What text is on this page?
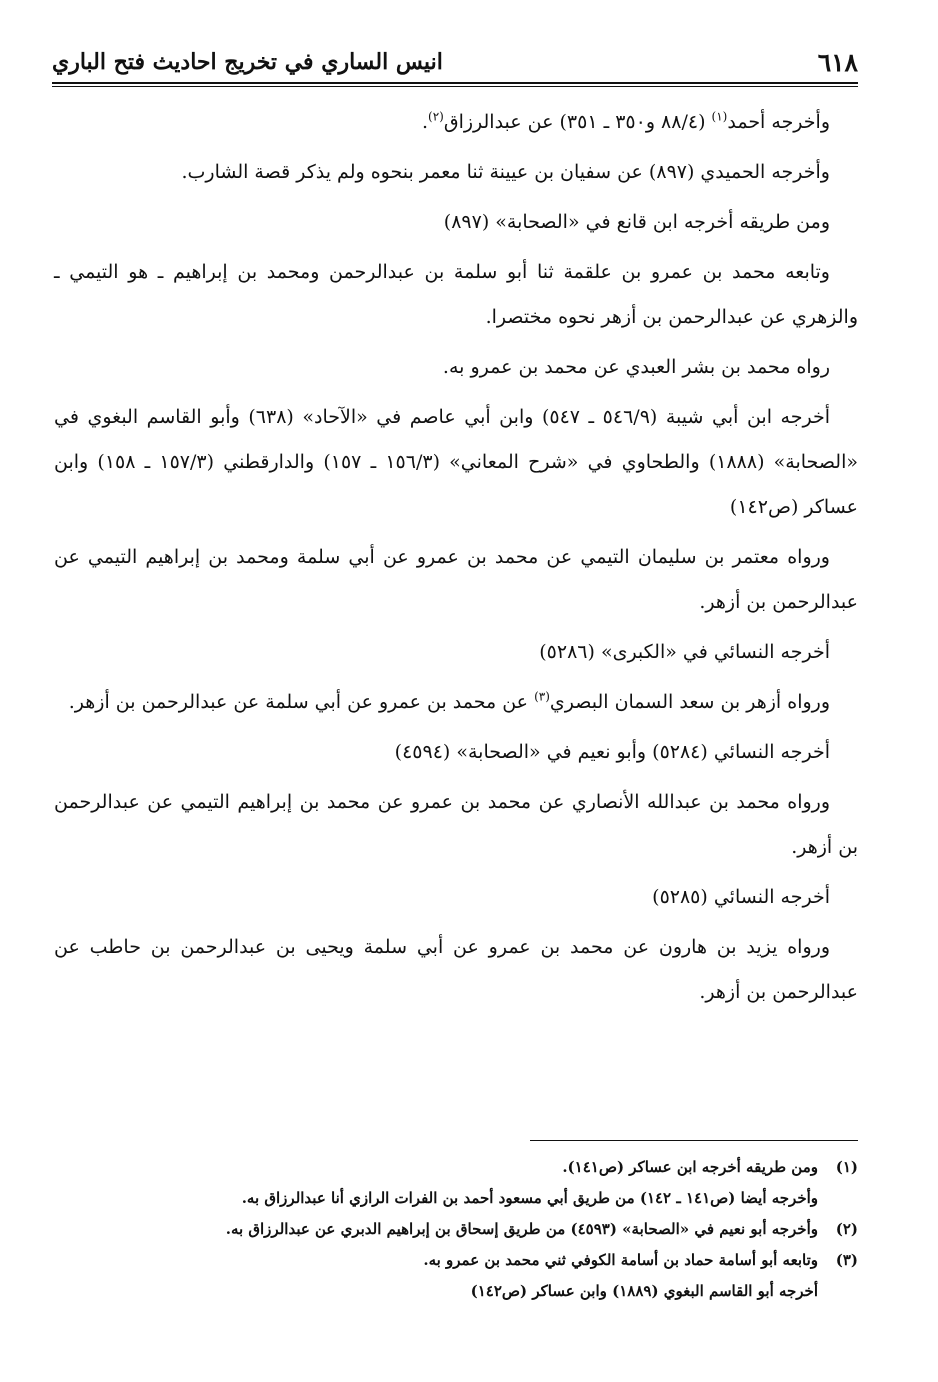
٦١٨
انيس الساري في تخريج احاديث فتح الباري

وأخرجه أحمد$^{(١)}$ (٨٨/٤ و٣٥٠ ـ ٣٥١) عن عبدالرزاق$^{(٢)}$.

وأخرجه الحميدي (٨٩٧) عن سفيان بن عيينة ثنا معمر بنحوه ولم يذكر قصة الشارب.

ومن طريقه أخرجه ابن قانع في «الصحابة» (٨٩٧)

وتابعه محمد بن عمرو بن علقمة ثنا أبو سلمة بن عبدالرحمن ومحمد بن إبراهيم ـ هو التيمي ـ والزهري عن عبدالرحمن بن أزهر نحوه مختصرا.

رواه محمد بن بشر العبدي عن محمد بن عمرو به.

أخرجه ابن أبي شيبة (٥٤٦/٩ ـ ٥٤٧) وابن أبي عاصم في «الآحاد» (٦٣٨) وأبو القاسم البغوي في «الصحابة» (١٨٨٨) والطحاوي في «شرح المعاني» (١٥٦/٣ ـ ١٥٧) والدارقطني (١٥٧/٣ ـ ١٥٨) وابن عساكر (ص١٤٢)

ورواه معتمر بن سليمان التيمي عن محمد بن عمرو عن أبي سلمة ومحمد بن إبراهيم التيمي عن عبدالرحمن بن أزهر.

أخرجه النسائي في «الكبرى» (٥٢٨٦)

ورواه أزهر بن سعد السمان البصري$^{(٣)}$ عن محمد بن عمرو عن أبي سلمة عن عبدالرحمن بن أزهر.

أخرجه النسائي (٥٢٨٤) وأبو نعيم في «الصحابة» (٤٥٩٤)

ورواه محمد بن عبدالله الأنصاري عن محمد بن عمرو عن محمد بن إبراهيم التيمي عن عبدالرحمن بن أزهر.

أخرجه النسائي (٥٢٨٥)

ورواه يزيد بن هارون عن محمد بن عمرو عن أبي سلمة ويحيى بن عبدالرحمن بن حاطب عن عبدالرحمن بن أزهر.

(١)
ومن طريقه أخرجه ابن عساكر (ص١٤١).
وأخرجه أيضا (ص١٤١ ـ ١٤٢) من طريق أبي مسعود أحمد بن الفرات الرازي أنا عبدالرزاق به.
(٢)
وأخرجه أبو نعيم في «الصحابة» (٤٥٩٣) من طريق إسحاق بن إبراهيم الدبري عن عبدالرزاق به.
(٣)
وتابعه أبو أسامة حماد بن أسامة الكوفي ثني محمد بن عمرو به.
أخرجه أبو القاسم البغوي (١٨٨٩) وابن عساكر (ص١٤٢)
